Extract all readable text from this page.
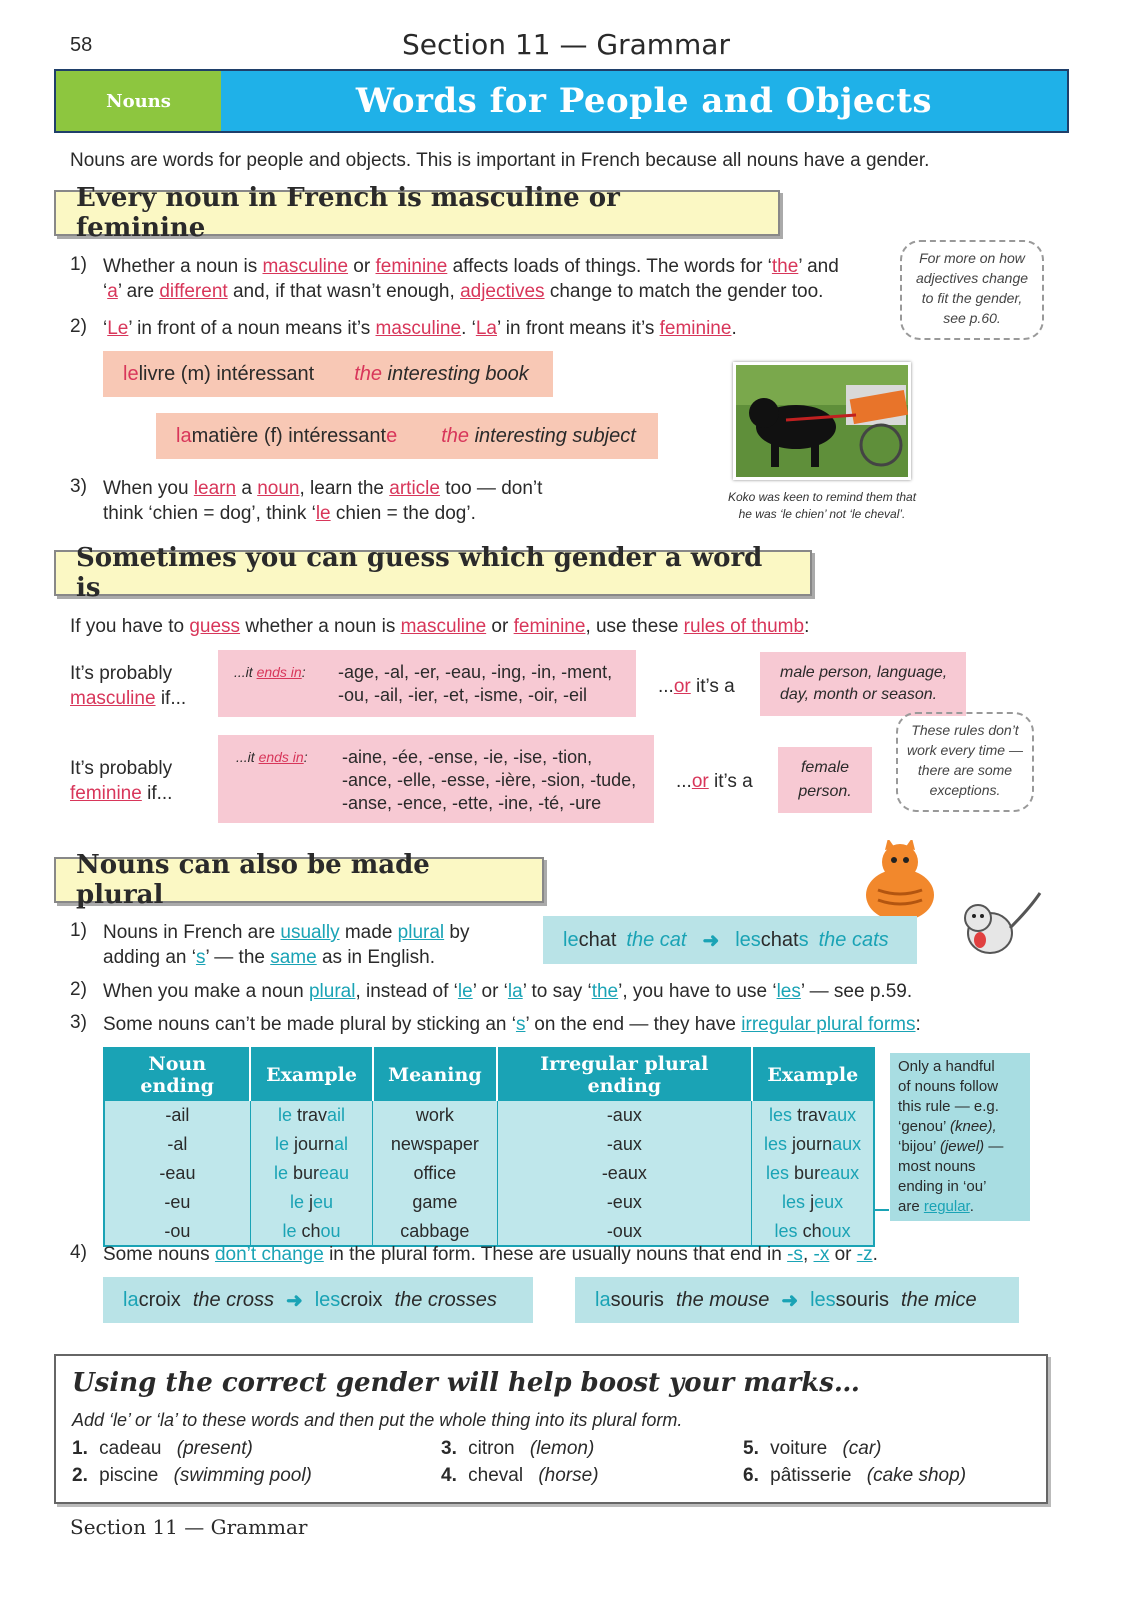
58	Section 11 — Grammar
Nouns	Words for People and Objects
Nouns are words for people and objects. This is important in French because all nouns have a gender.
Every noun in French is masculine or feminine
1) Whether a noun is masculine or feminine affects loads of things. The words for ‘the’ and
‘a’ are different and, if that wasn’t enough, adjectives change to match the gender too.
2) ‘Le’ in front of a noun means it’s masculine. ‘La’ in front means it’s feminine.
For more on how adjectives change to fit the gender, see p.60.
le livre (m) intéressant the interesting book
la matière (f) intéressant e the interesting subject
3) When you learn a noun, learn the article too — don’t
think ‘chien = dog’, think ‘le chien = the dog’.
Koko was keen to remind them that
he was ‘le chien’ not ‘le cheval’.
Sometimes you can guess which gender a word is
If you have to guess whether a noun is masculine or feminine, use these rules of thumb:
It’s probably
masculine if...
...it ends in: -age, -al, -er, -eau, -ing, -in, -ment,
-ou, -ail, -ier, -et, -isme, -oir, -eil	...or it’s a
male person, language,
day, month or season.
It’s probably
feminine if...
...it ends in: -aine, -ée, -ense, -ie, -ise, -tion,
-ance, -elle, -esse, -ière, -sion, -tude,
-anse, -ence, -ette, -ine, -té, -ure
...or it’s a
female
person.
These rules don’t work every time — there are some exceptions.
Nouns can also be made plural
1) Nouns in French are usually made plural by
adding an ‘s’ — the same as in English.
le chat the cat ➜ les chat s the cats
2) When you make a noun plural, instead of ‘le’ or ‘la’ to say ‘the’, you have to use ‘les’ — see p.59.
3) Some nouns can’t be made plural by sticking an ‘s’ on the end — they have irregular plural forms:
Noun ending	Example	Meaning	Irregular plural ending	Example
-ail	le travail	work	-aux	les travaux
-al	le journal	newspaper	-aux	les journaux
-eau	le bureau	office	-eaux	les bureaux
-eu	le jeu	game	-eux	les jeux
-ou	le chou	cabbage	-oux	les choux
Only a handful
of nouns follow
this rule — e.g.
‘genou’ (knee),
‘bijou’ (jewel) —
most nouns
ending in ‘ou’
are regular.
4) Some nouns don’t change in the plural form. These are usually nouns that end in -s, -x or -z.
la croix the cross ➜ les croix the crosses	la souris the mouse ➜ les souris the mice
Using the correct gender will help boost your marks…
Add ‘le’ or ‘la’ to these words and then put the whole thing into its plural form.
1. cadeau (present)
2. piscine (swimming pool)
3. citron (lemon)
4. cheval (horse)
5. voiture (car)
6. pâtisserie (cake shop)
Section 11 — Grammar
